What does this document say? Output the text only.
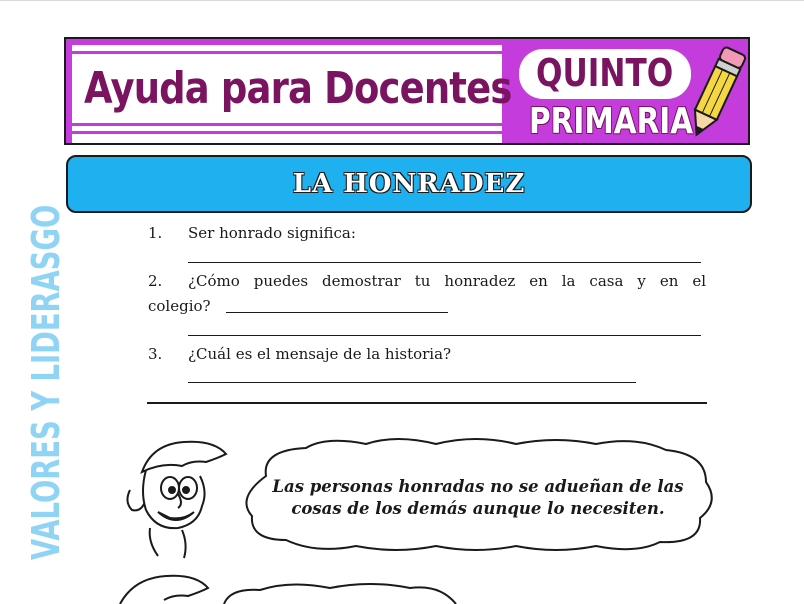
Ayuda para Docentes QUINTO
PRIMARIA
LA HONRADEZ
VALORES Y LIDERASGO	1. Ser honrado significa:
2. ¿Cómo puedes demostrar tu honradez en la casa y en el
colegio?
3. ¿Cuál es el mensaje de la historia?
Las personas honradas no se adueñan de las
cosas de los demás aunque lo necesiten.
